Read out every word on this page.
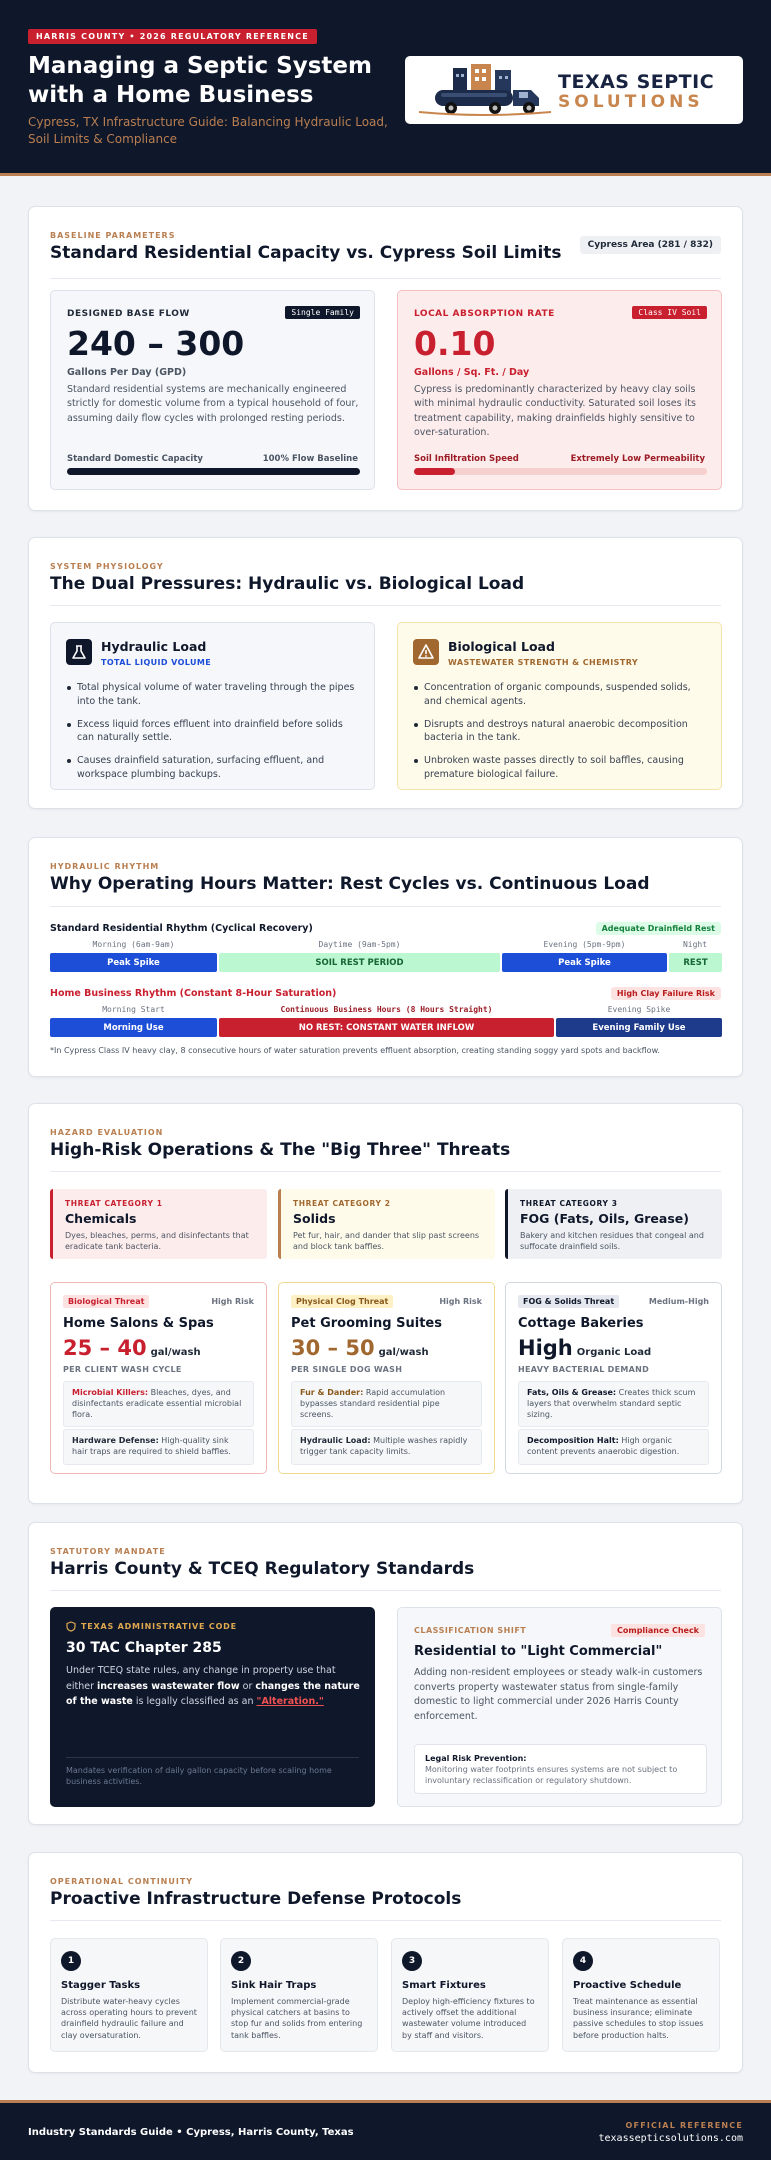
HARRIS COUNTY • 2026 REGULATORY REFERENCE
Managing a Septic System with a Home Business
Cypress, TX Infrastructure Guide: Balancing Hydraulic Load, Soil Limits & Compliance
TEXAS SEPTIC
SOLUTIONS
BASELINE PARAMETERS
Standard Residential Capacity vs. Cypress Soil Limits	Cypress Area (281 / 832)
DESIGNED BASE FLOW	Single Family
240 – 300
Gallons Per Day (GPD)
Standard residential systems are mechanically engineered strictly for domestic volume from a typical household of four, assuming daily flow cycles with prolonged resting periods.
Standard Domestic Capacity	100% Flow Baseline
LOCAL ABSORPTION RATE	Class IV Soil
0.10
Gallons / Sq. Ft. / Day
Cypress is predominantly characterized by heavy clay soils with minimal hydraulic conductivity. Saturated soil loses its treatment capability, making drainfields highly sensitive to over-saturation.
Soil Infiltration Speed	Extremely Low Permeability
SYSTEM PHYSIOLOGY
The Dual Pressures: Hydraulic vs. Biological Load
Hydraulic Load
TOTAL LIQUID VOLUME
Total physical volume of water traveling through the pipes into the tank.
Excess liquid forces effluent into drainfield before solids can naturally settle.
Causes drainfield saturation, surfacing effluent, and workspace plumbing backups.
Biological Load
WASTEWATER STRENGTH & CHEMISTRY
Concentration of organic compounds, suspended solids, and chemical agents.
Disrupts and destroys natural anaerobic decomposition bacteria in the tank.
Unbroken waste passes directly to soil baffles, causing premature biological failure.
HYDRAULIC RHYTHM
Why Operating Hours Matter: Rest Cycles vs. Continuous Load
Standard Residential Rhythm (Cyclical Recovery)	Adequate Drainfield Rest
Morning (6am-9am)	Daytime (9am-5pm)	Evening (5pm-9pm)	Night
Peak Spike	SOIL REST PERIOD	Peak Spike	REST
Home Business Rhythm (Constant 8-Hour Saturation)	High Clay Failure Risk
Morning Start	Continuous Business Hours (8 Hours Straight)	Evening Spike
Morning Use	NO REST: CONSTANT WATER INFLOW	Evening Family Use
*In Cypress Class IV heavy clay, 8 consecutive hours of water saturation prevents effluent absorption, creating standing soggy yard spots and backflow.
HAZARD EVALUATION
High-Risk Operations & The "Big Three" Threats
THREAT CATEGORY 1
Chemicals
Dyes, bleaches, perms, and disinfectants that eradicate tank bacteria.
THREAT CATEGORY 2
Solids
Pet fur, hair, and dander that slip past screens and block tank baffles.
THREAT CATEGORY 3
FOG (Fats, Oils, Grease)
Bakery and kitchen residues that congeal and suffocate drainfield soils.
Biological Threat	High Risk
Home Salons & Spas
25 – 40 gal/wash
PER CLIENT WASH CYCLE
Microbial Killers: Bleaches, dyes, and disinfectants eradicate essential microbial flora.
Hardware Defense: High-quality sink hair traps are required to shield baffles.
Physical Clog Threat	High Risk
Pet Grooming Suites
30 – 50 gal/wash
PER SINGLE DOG WASH
Fur & Dander: Rapid accumulation bypasses standard residential pipe screens.
Hydraulic Load: Multiple washes rapidly trigger tank capacity limits.
FOG & Solids Threat	Medium-High
Cottage Bakeries
High Organic Load
HEAVY BACTERIAL DEMAND
Fats, Oils & Grease: Creates thick scum layers that overwhelm standard septic sizing.
Decomposition Halt: High organic content prevents anaerobic digestion.
STATUTORY MANDATE
Harris County & TCEQ Regulatory Standards
TEXAS ADMINISTRATIVE CODE
30 TAC Chapter 285
Under TCEQ state rules, any change in property use that either increases wastewater flow or changes the nature of the waste is legally classified as an "Alteration."
Mandates verification of daily gallon capacity before scaling home business activities.
CLASSIFICATION SHIFT	Compliance Check
Residential to "Light Commercial"
Adding non-resident employees or steady walk-in customers converts property wastewater status from single-family domestic to light commercial under 2026 Harris County enforcement.
Legal Risk Prevention:
Monitoring water footprints ensures systems are not subject to involuntary reclassification or regulatory shutdown.
OPERATIONAL CONTINUITY
Proactive Infrastructure Defense Protocols
1
Stagger Tasks
Distribute water-heavy cycles across operating hours to prevent drainfield hydraulic failure and clay oversaturation.
2
Sink Hair Traps
Implement commercial-grade physical catchers at basins to stop fur and solids from entering tank baffles.
3
Smart Fixtures
Deploy high-efficiency fixtures to actively offset the additional wastewater volume introduced by staff and visitors.
4
Proactive Schedule
Treat maintenance as essential business insurance; eliminate passive schedules to stop issues before production halts.
Industry Standards Guide • Cypress, Harris County, Texas
OFFICIAL REFERENCE
texassepticsolutions.com
